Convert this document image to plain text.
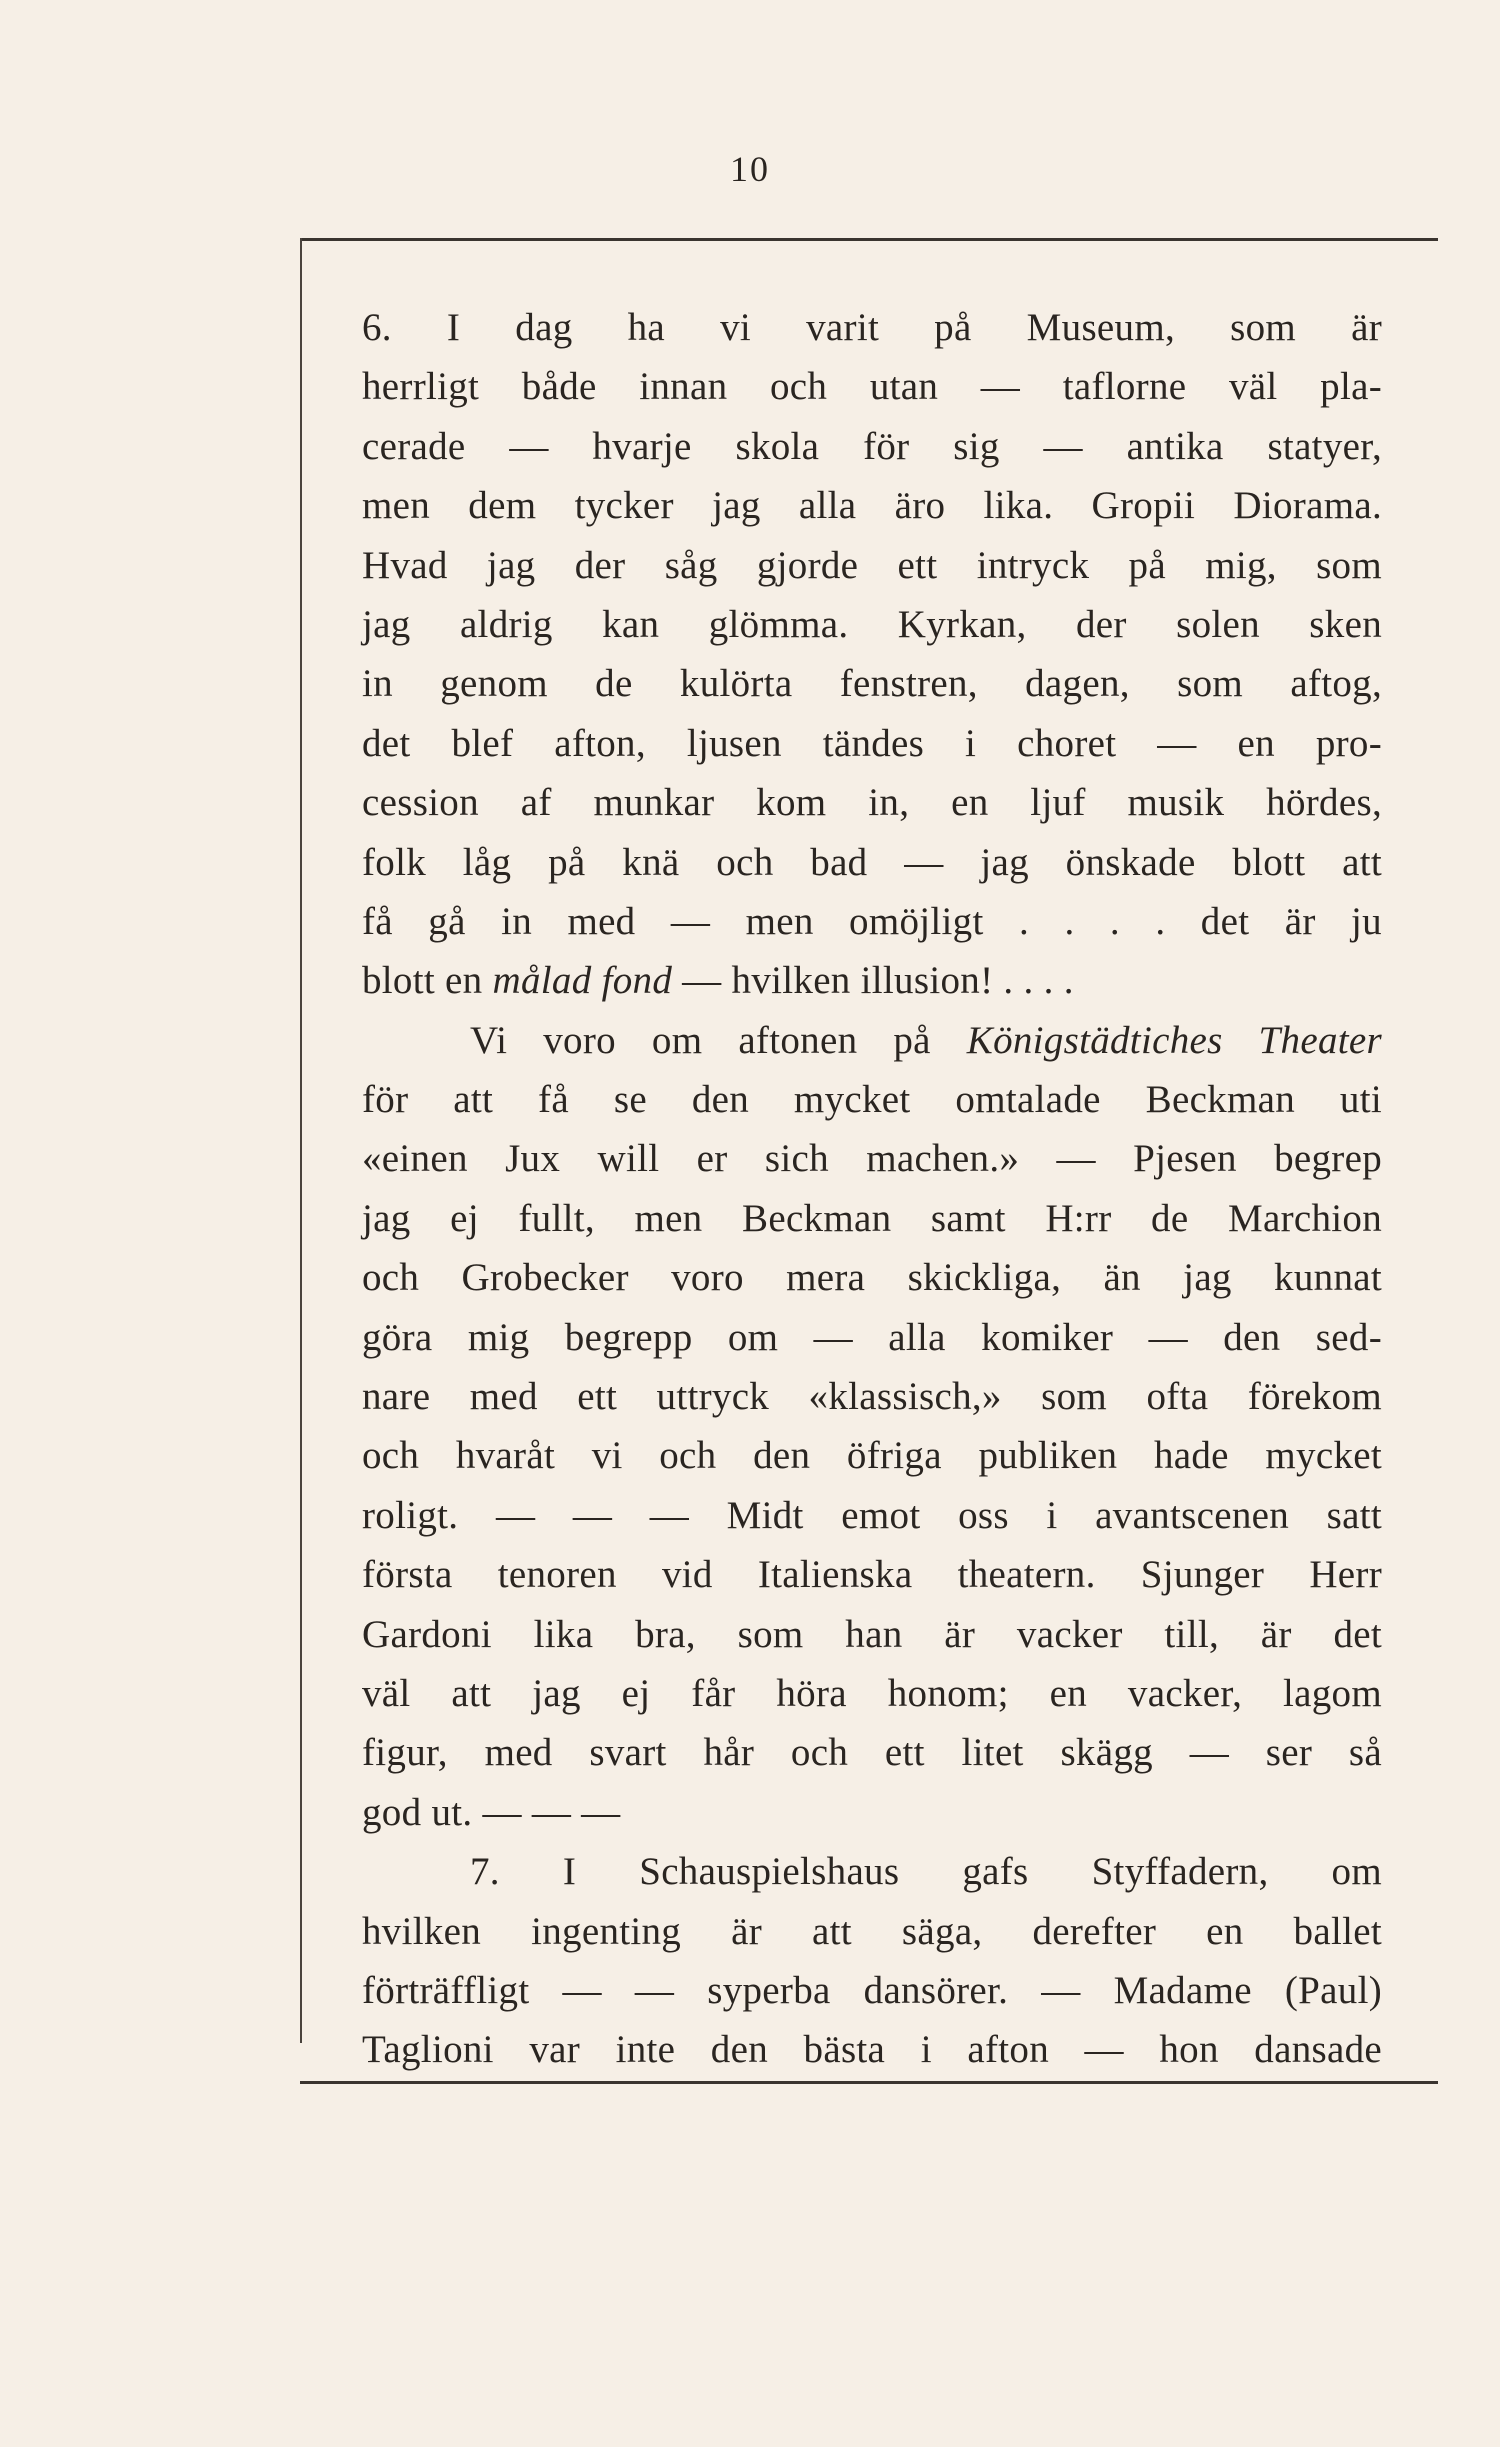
10
6. I dag ha vi varit på Museum, som är
herrligt både innan och utan — taflorne väl pla-
cerade — hvarje skola för sig — antika statyer,
men dem tycker jag alla äro lika. Gropii Diorama.
Hvad jag der såg gjorde ett intryck på mig, som
jag aldrig kan glömma. Kyrkan, der solen sken
in genom de kulörta fenstren, dagen, som aftog,
det blef afton, ljusen tändes i choret — en pro-
cession af munkar kom in, en ljuf musik hördes,
folk låg på knä och bad — jag önskade blott att
få gå in med — men omöjligt . . . . det är ju
blott en målad fond — hvilken illusion! . . . .
Vi voro om aftonen på Königstädtiches Theater
för att få se den mycket omtalade Beckman uti
«einen Jux will er sich machen.» — Pjesen begrep
jag ej fullt, men Beckman samt H:rr de Marchion
och Grobecker voro mera skickliga, än jag kunnat
göra mig begrepp om — alla komiker — den sed-
nare med ett uttryck «klassisch,» som ofta förekom
och hvaråt vi och den öfriga publiken hade mycket
roligt. — — — Midt emot oss i avantscenen satt
första tenoren vid Italienska theatern. Sjunger Herr
Gardoni lika bra, som han är vacker till, är det
väl att jag ej får höra honom; en vacker, lagom
figur, med svart hår och ett litet skägg — ser så
god ut. — — —
7. I Schauspielshaus gafs Styffadern, om
hvilken ingenting är att säga, derefter en ballet
förträffligt — — syperba dansörer. — Madame (Paul)
Taglioni var inte den bästa i afton — hon dansade
